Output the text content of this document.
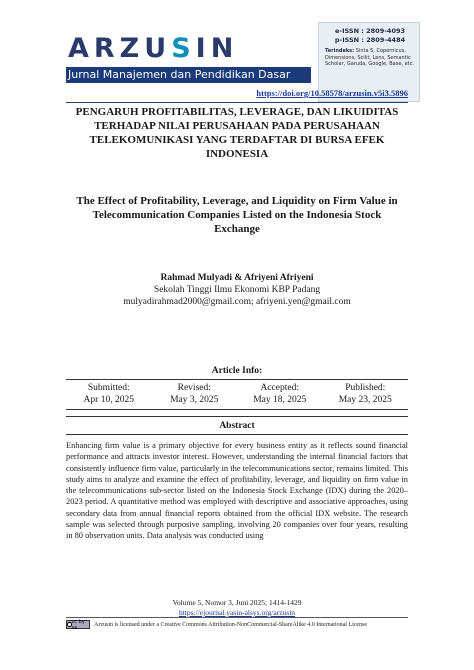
ARZUSIN
Jurnal Manajemen dan Pendidikan Dasar
e-ISSN : 2809-4093
p-ISSN : 2809-4484
Terindeks: Sinta 5, Copernicus, Dimensions, Scilit, Lens, Semantic Scholar, Garuda, Google, Base, etc.
https://doi.org/10.58578/arzusin.v5i3.5896
PENGARUH PROFITABILITAS, LEVERAGE, DAN LIKUIDITAS TERHADAP NILAI PERUSAHAAN PADA PERUSAHAAN TELEKOMUNIKASI YANG TERDAFTAR DI BURSA EFEK INDONESIA
The Effect of Profitability, Leverage, and Liquidity on Firm Value in Telecommunication Companies Listed on the Indonesia Stock Exchange
Rahmad Mulyadi & Afriyeni Afriyeni
Sekolah Tinggi Ilmu Ekonomi KBP Padang
mulyadirahmad2000@gmail.com; afriyeni.yen@gmail.com
Article Info:
Submitted:
Apr 10, 2025
Revised:
May 3, 2025
Accepted:
May 18, 2025
Published:
May 23, 2025
Abstract
Enhancing firm value is a primary objective for every business entity as it reflects sound financial performance and attracts investor interest. However, understanding the internal financial factors that consistently influence firm value, particularly in the telecommunications sector, remains limited. This study aims to analyze and examine the effect of profitability, leverage, and liquidity on firm value in the telecommunications sub-sector listed on the Indonesia Stock Exchange (IDX) during the 2020–2023 period. A quantitative method was employed with descriptive and associative approaches, using secondary data from annual financial reports obtained from the official IDX website. The research sample was selected through purposive sampling, involving 20 companies over four years, resulting in 80 observation units. Data analysis was conducted using
Volume 5, Nomor 3, Juni 2025; 1414-1429
https://ejournal.yasin-alsys.org/arzusin
cc by sa	Arzusin is licensed under a Creative Commons Attribution-NonCommercial-ShareAlike 4.0 International License
